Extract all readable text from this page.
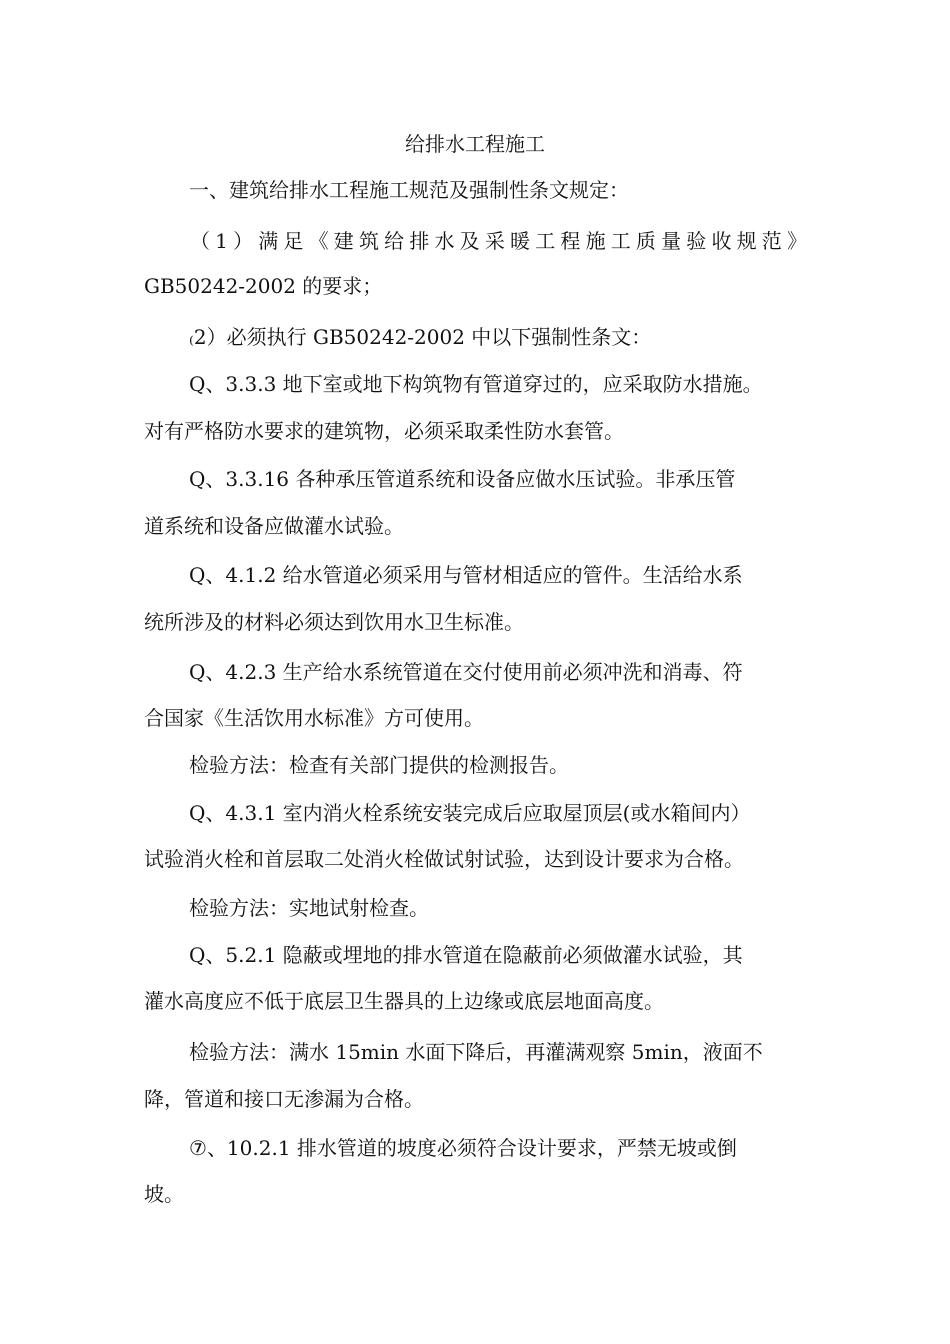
给排水工程施工
一、建筑给排水工程施工规范及强制性条文规定：
（1）满足《建筑给排水及采暖工程施工质量验收规范》
GB50242-2002 的要求；
₍2）必须执行 GB50242-2002 中以下强制性条文：
Q、3.3.3 地下室或地下构筑物有管道穿过的，应采取防水措施。
对有严格防水要求的建筑物，必须采取柔性防水套管。
Q、3.3.16 各种承压管道系统和设备应做水压试验。非承压管
道系统和设备应做灌水试验。
Q、4.1.2 给水管道必须采用与管材相适应的管件。生活给水系
统所涉及的材料必须达到饮用水卫生标准。
Q、4.2.3 生产给水系统管道在交付使用前必须冲洗和消毒、符
合国家《生活饮用水标准》方可使用。
检验方法：检查有关部门提供的检测报告。
Q、4.3.1 室内消火栓系统安装完成后应取屋顶层(或水箱间内）
试验消火栓和首层取二处消火栓做试射试验，达到设计要求为合格。
检验方法：实地试射检查。
Q、5.2.1 隐蔽或埋地的排水管道在隐蔽前必须做灌水试验，其
灌水高度应不低于底层卫生器具的上边缘或底层地面高度。
检验方法：满水 15min 水面下降后，再灌满观察 5min，液面不
降，管道和接口无渗漏为合格。
⑦、10.2.1 排水管道的坡度必须符合设计要求，严禁无坡或倒
坡。
